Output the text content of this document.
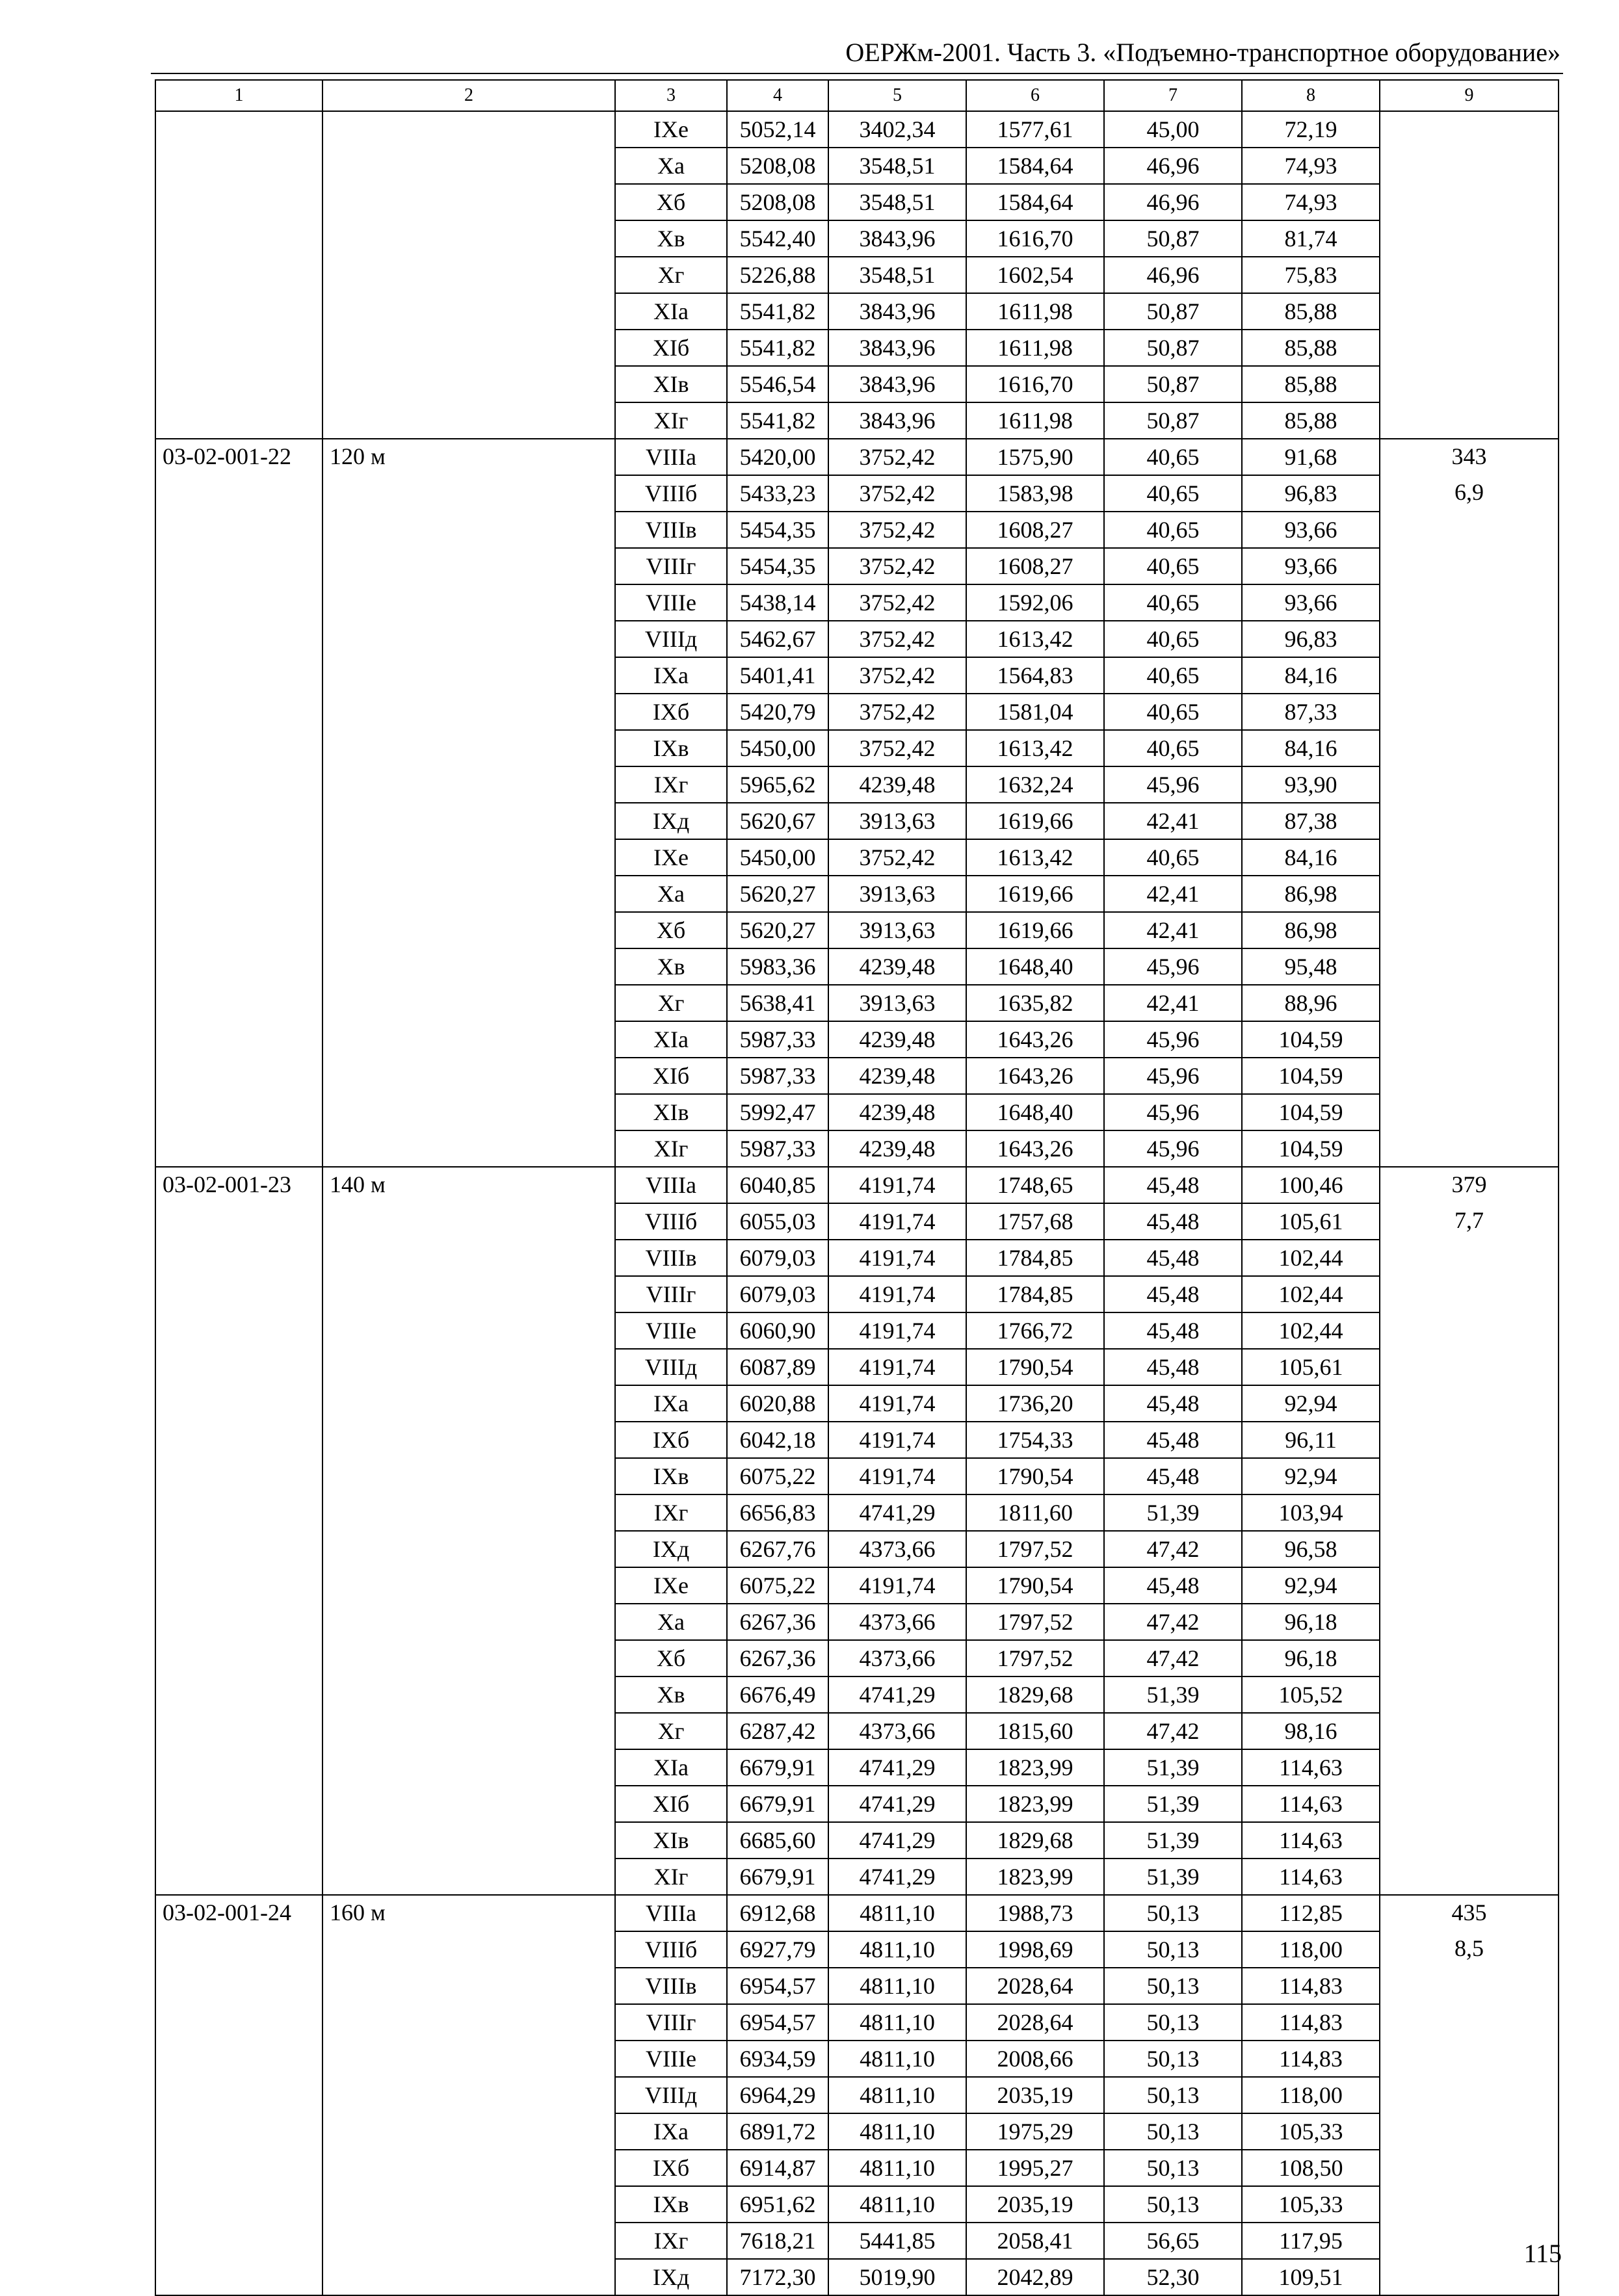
ОЕРЖм-2001. Часть 3. «Подъемно-транспортное оборудование»
1	2	3	4	5	6	7	8	9
		IXе	5052,14	3402,34	1577,61	45,00	72,19	
		Xа	5208,08	3548,51	1584,64	46,96	74,93	
		Xб	5208,08	3548,51	1584,64	46,96	74,93	
		Xв	5542,40	3843,96	1616,70	50,87	81,74	
		Xг	5226,88	3548,51	1602,54	46,96	75,83	
		XIа	5541,82	3843,96	1611,98	50,87	85,88	
		XIб	5541,82	3843,96	1611,98	50,87	85,88	
		XIв	5546,54	3843,96	1616,70	50,87	85,88	
		XIг	5541,82	3843,96	1611,98	50,87	85,88	
03-02-001-22	120 м	VIIIа	5420,00	3752,42	1575,90	40,65	91,68	343
		VIIIб	5433,23	3752,42	1583,98	40,65	96,83	6,9
		VIIIв	5454,35	3752,42	1608,27	40,65	93,66	
		VIIIг	5454,35	3752,42	1608,27	40,65	93,66	
		VIIIе	5438,14	3752,42	1592,06	40,65	93,66	
		VIIIд	5462,67	3752,42	1613,42	40,65	96,83	
		IXа	5401,41	3752,42	1564,83	40,65	84,16	
		IXб	5420,79	3752,42	1581,04	40,65	87,33	
		IXв	5450,00	3752,42	1613,42	40,65	84,16	
		IXг	5965,62	4239,48	1632,24	45,96	93,90	
		IXд	5620,67	3913,63	1619,66	42,41	87,38	
		IXе	5450,00	3752,42	1613,42	40,65	84,16	
		Xа	5620,27	3913,63	1619,66	42,41	86,98	
		Xб	5620,27	3913,63	1619,66	42,41	86,98	
		Xв	5983,36	4239,48	1648,40	45,96	95,48	
		Xг	5638,41	3913,63	1635,82	42,41	88,96	
		XIа	5987,33	4239,48	1643,26	45,96	104,59	
		XIб	5987,33	4239,48	1643,26	45,96	104,59	
		XIв	5992,47	4239,48	1648,40	45,96	104,59	
		XIг	5987,33	4239,48	1643,26	45,96	104,59	
03-02-001-23	140 м	VIIIа	6040,85	4191,74	1748,65	45,48	100,46	379
		VIIIб	6055,03	4191,74	1757,68	45,48	105,61	7,7
		VIIIв	6079,03	4191,74	1784,85	45,48	102,44	
		VIIIг	6079,03	4191,74	1784,85	45,48	102,44	
		VIIIе	6060,90	4191,74	1766,72	45,48	102,44	
		VIIIд	6087,89	4191,74	1790,54	45,48	105,61	
		IXа	6020,88	4191,74	1736,20	45,48	92,94	
		IXб	6042,18	4191,74	1754,33	45,48	96,11	
		IXв	6075,22	4191,74	1790,54	45,48	92,94	
		IXг	6656,83	4741,29	1811,60	51,39	103,94	
		IXд	6267,76	4373,66	1797,52	47,42	96,58	
		IXе	6075,22	4191,74	1790,54	45,48	92,94	
		Xа	6267,36	4373,66	1797,52	47,42	96,18	
		Xб	6267,36	4373,66	1797,52	47,42	96,18	
		Xв	6676,49	4741,29	1829,68	51,39	105,52	
		Xг	6287,42	4373,66	1815,60	47,42	98,16	
		XIа	6679,91	4741,29	1823,99	51,39	114,63	
		XIб	6679,91	4741,29	1823,99	51,39	114,63	
		XIв	6685,60	4741,29	1829,68	51,39	114,63	
		XIг	6679,91	4741,29	1823,99	51,39	114,63	
03-02-001-24	160 м	VIIIа	6912,68	4811,10	1988,73	50,13	112,85	435
		VIIIб	6927,79	4811,10	1998,69	50,13	118,00	8,5
		VIIIв	6954,57	4811,10	2028,64	50,13	114,83	
		VIIIг	6954,57	4811,10	2028,64	50,13	114,83	
		VIIIе	6934,59	4811,10	2008,66	50,13	114,83	
		VIIIд	6964,29	4811,10	2035,19	50,13	118,00	
		IXа	6891,72	4811,10	1975,29	50,13	105,33	
		IXб	6914,87	4811,10	1995,27	50,13	108,50	
		IXв	6951,62	4811,10	2035,19	50,13	105,33	
		IXг	7618,21	5441,85	2058,41	56,65	117,95	
		IXд	7172,30	5019,90	2042,89	52,30	109,51	
115
